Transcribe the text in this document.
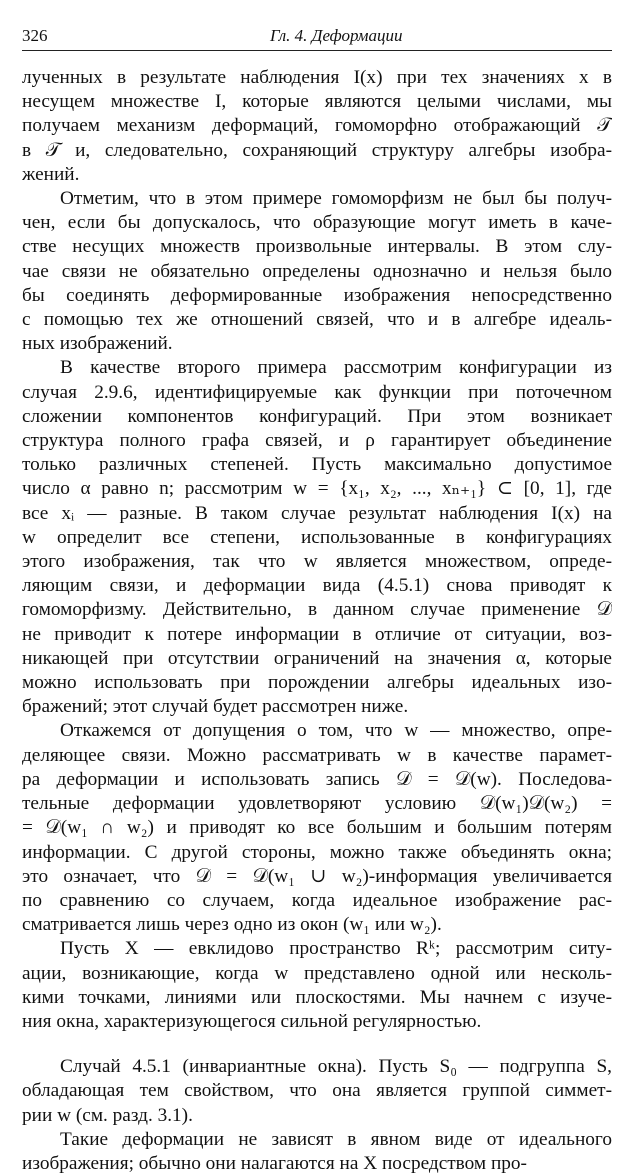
326	Гл. 4. Деформации
лученных в результате наблюдения I(x) при тех значениях x в
несущем множестве I, которые являются целыми числами, мы
получаем механизм деформаций, гомоморфно отображающий 𝒯
в 𝒯 и, следовательно, сохраняющий структуру алгебры изобра-
жений.
Отметим, что в этом примере гомоморфизм не был бы получ-
чен, если бы допускалось, что образующие могут иметь в каче-
стве несущих множеств произвольные интервалы. В этом слу-
чае связи не обязательно определены однозначно и нельзя было
бы соединять деформированные изображения непосредственно
с помощью тех же отношений связей, что и в алгебре идеаль-
ных изображений.
В качестве второго примера рассмотрим конфигурации из
случая 2.9.6, идентифицируемые как функции при поточечном
сложении компонентов конфигураций. При этом возникает
структура полного графа связей, и ρ гарантирует объединение
только различных степеней. Пусть максимально допустимое
число α равно n; рассмотрим w = {x₁, x₂, ..., xₙ₊₁} ⊂ [0, 1], где
все xᵢ — разные. В таком случае результат наблюдения I(x) на
w определит все степени, использованные в конфигурациях
этого изображения, так что w является множеством, опреде-
ляющим связи, и деформации вида (4.5.1) снова приводят к
гомоморфизму. Действительно, в данном случае применение 𝒟
не приводит к потере информации в отличие от ситуации, воз-
никающей при отсутствии ограничений на значения α, которые
можно использовать при порождении алгебры идеальных изо-
бражений; этот случай будет рассмотрен ниже.
Откажемся от допущения о том, что w — множество, опре-
деляющее связи. Можно рассматривать w в качестве парамет-
ра деформации и использовать запись 𝒟 = 𝒟(w). Последова-
тельные деформации удовлетворяют условию 𝒟(w₁)𝒟(w₂) =
= 𝒟(w₁ ∩ w₂) и приводят ко все большим и большим потерям
информации. С другой стороны, можно также объединять окна;
это означает, что 𝒟 = 𝒟(w₁ ∪ w₂)-информация увеличивается
по сравнению со случаем, когда идеальное изображение рас-
сматривается лишь через одно из окон (w₁ или w₂).
Пусть X — евклидово пространство Rᵏ; рассмотрим ситу-
ации, возникающие, когда w представлено одной или несколь-
кими точками, линиями или плоскостями. Мы начнем с изуче-
ния окна, характеризующегося сильной регулярностью.
Случай 4.5.1 (инвариантные окна). Пусть S₀ — подгруппа S,
обладающая тем свойством, что она является группой симмет-
рии w (см. разд. 3.1).
Такие деформации не зависят в явном виде от идеального
изображения; обычно они налагаются на X посредством про-
